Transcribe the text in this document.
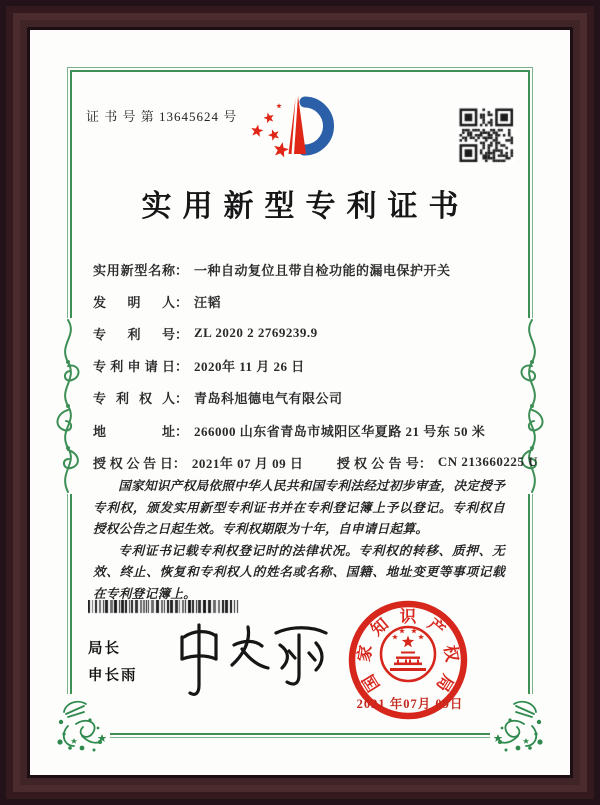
证 书 号 第 13645624 号
实用新型专利证书
实用新型名称 ： 一种自动复位且带自检功能的漏电保护开关
发明人 ： 汪韬
专利号 ： ZL 2020 2 2769239.9
专利申请日 ： 2020年 11 月 26 日
专利权人 ： 青岛科旭德电气有限公司
地址 ： 266000 山东省青岛市城阳区华夏路 21 号东 50 米
授权公告日 ： 2021年 07 月 09 日	授权公告号 ： CN 213660225 U

国家知识产权局依照中华人民共和国专利法经过初步审查，决定授予专利权，颁发实用新型专利证书并在专利登记簿上予以登记。专利权自授权公告之日起生效。专利权期限为十年，自申请日起算。

专利证书记载专利权登记时的法律状况。专利权的转移、质押、无效、终止、恢复和专利权人的姓名或名称、国籍、地址变更等事项记载在专利登记簿上。

局长
申长雨	国
家
知 识 产
权
局
2021 年07月 09日
